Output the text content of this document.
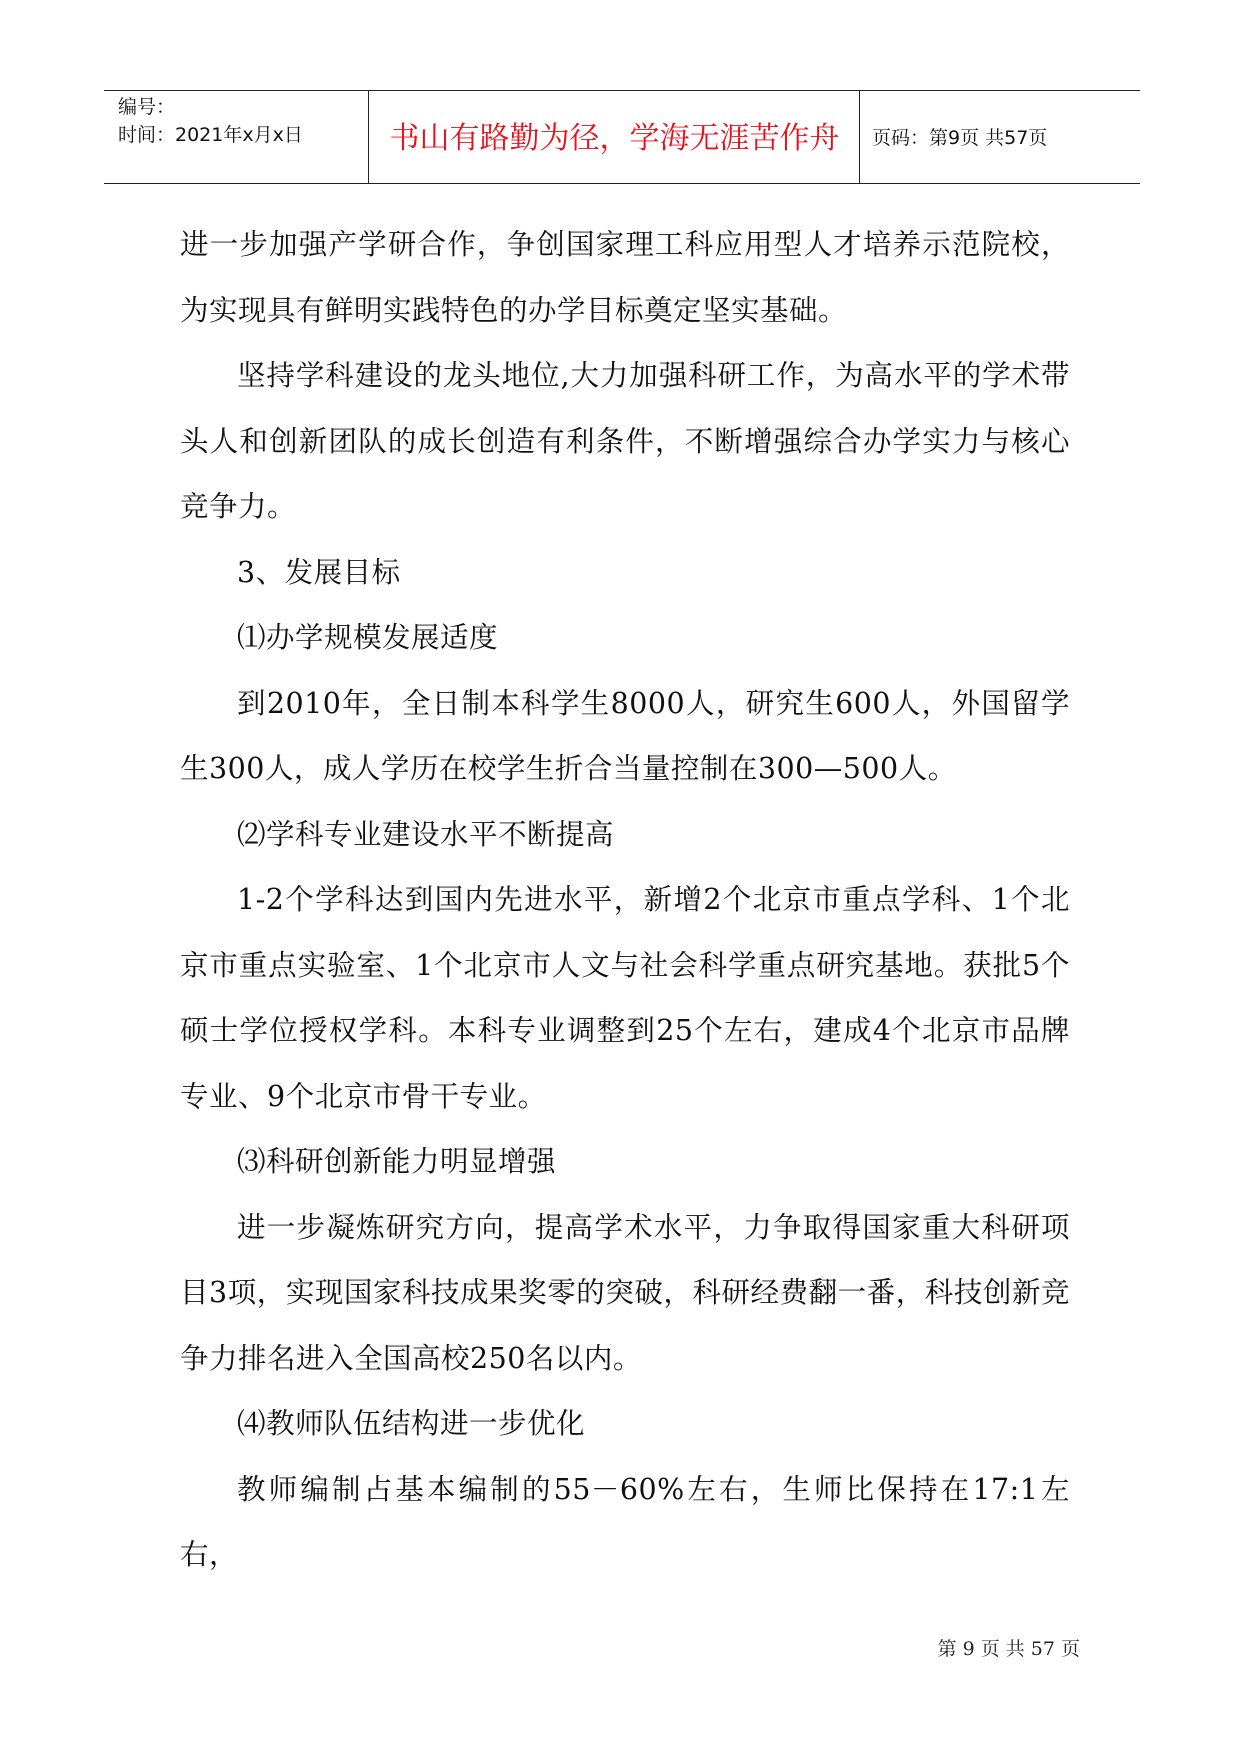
编号：
时间：2021年x月x日	书山有路勤为径，学海无涯苦作舟	页码：第9页 共57页

进一步加强产学研合作，争创国家理工科应用型人才培养示范院校，为实现具有鲜明实践特色的办学目标奠定坚实基础。

坚持学科建设的龙头地位,大力加强科研工作，为高水平的学术带头人和创新团队的成长创造有利条件，不断增强综合办学实力与核心竞争力。

3、发展目标

⑴办学规模发展适度

到2010年，全日制本科学生8000人，研究生600人，外国留学生300人，成人学历在校学生折合当量控制在300—500人。

⑵学科专业建设水平不断提高

1-2个学科达到国内先进水平，新增2个北京市重点学科、1个北京市重点实验室、1个北京市人文与社会科学重点研究基地。获批5个硕士学位授权学科。本科专业调整到25个左右，建成4个北京市品牌专业、9个北京市骨干专业。

⑶科研创新能力明显增强

进一步凝炼研究方向，提高学术水平，力争取得国家重大科研项目3项，实现国家科技成果奖零的突破，科研经费翻一番，科技创新竞争力排名进入全国高校250名以内。

⑷教师队伍结构进一步优化

教师编制占基本编制的55－60%左右，生师比保持在17:1左右，

第 9 页 共 57 页
